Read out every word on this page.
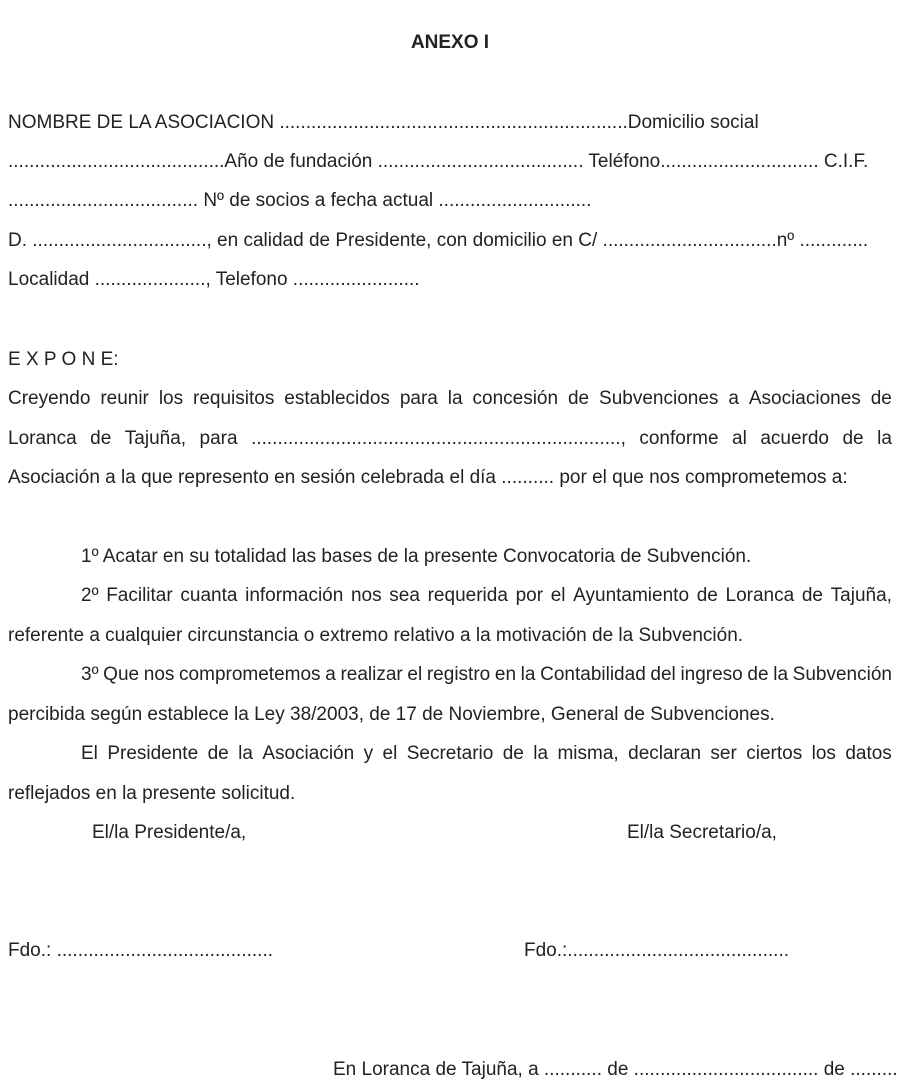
ANEXO I
NOMBRE DE LA ASOCIACION ..................................................................Domicilio social
.........................................Año de fundación ....................................... Teléfono.............................. C.I.F.
.................................... Nº de socios a fecha actual .............................
D. ................................., en calidad de Presidente, con domicilio en C/ .................................nº .............
Localidad ....................., Telefono ........................
E X P O N E:
Creyendo reunir los requisitos establecidos para la concesión de Subvenciones a Asociaciones de
Loranca de Tajuña, para ......................................................................, conforme al acuerdo de la
Asociación a la que represento en sesión celebrada el día .......... por el que nos comprometemos a:
1º Acatar en su totalidad las bases de la presente Convocatoria de Subvención.
2º Facilitar cuanta información nos sea requerida por el Ayuntamiento de Loranca de Tajuña,
referente a cualquier circunstancia o extremo relativo a la motivación de la Subvención.
3º Que nos comprometemos a realizar el registro en la Contabilidad del ingreso de la Subvención
percibida según establece la Ley 38/2003, de 17 de Noviembre, General de Subvenciones.
El Presidente de la Asociación y el Secretario de la misma, declaran ser ciertos los datos
reflejados en la presente solicitud.
El/la Presidente/a,	El/la Secretario/a,
Fdo.: .........................................	Fdo.:..........................................
En Loranca de Tajuña, a ........... de ................................... de .........
